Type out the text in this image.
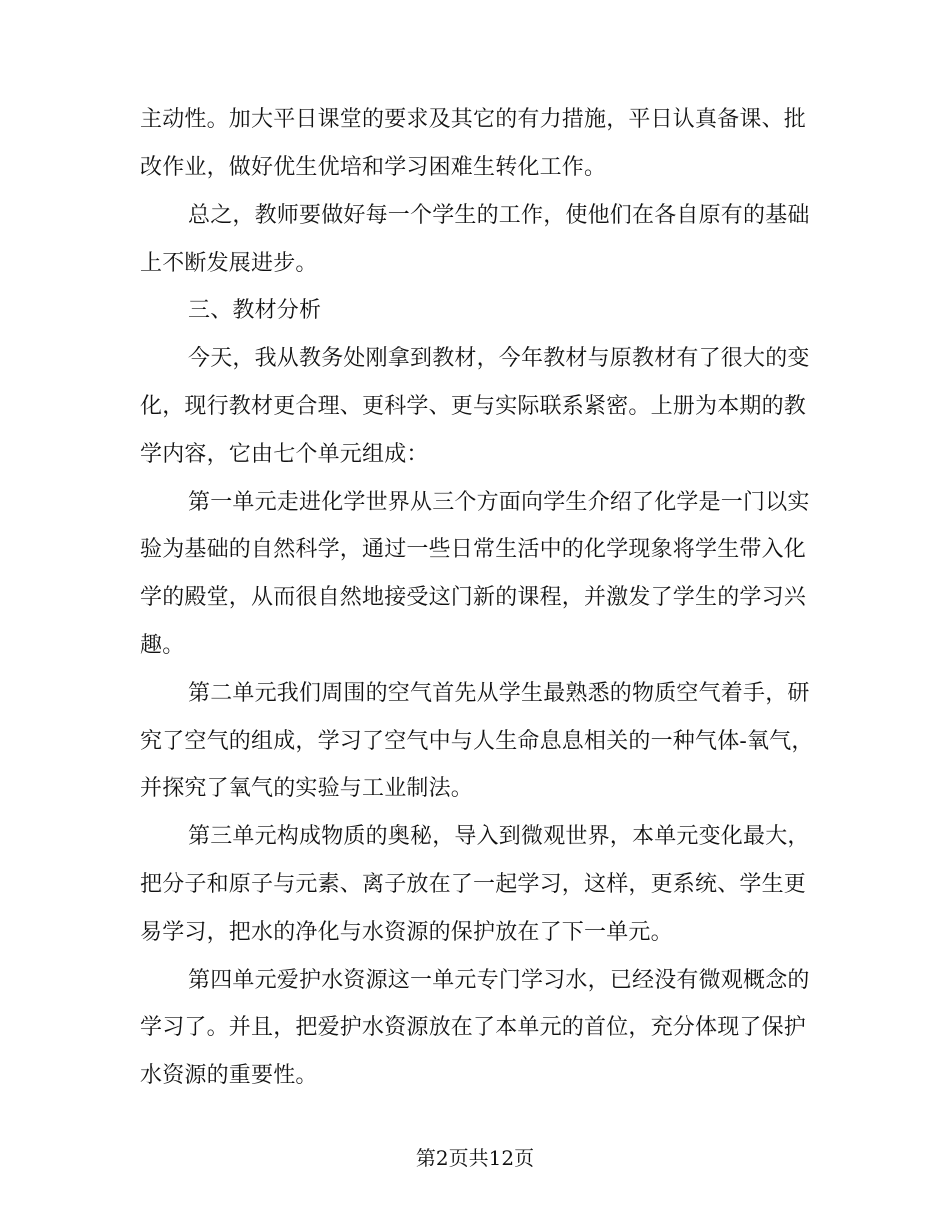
主动性。加大平日课堂的要求及其它的有力措施，平日认真备课、批
改作业，做好优生优培和学习困难生转化工作。
总之，教师要做好每一个学生的工作，使他们在各自原有的基础
上不断发展进步。
三、教材分析
今天，我从教务处刚拿到教材，今年教材与原教材有了很大的变
化，现行教材更合理、更科学、更与实际联系紧密。上册为本期的教
学内容，它由七个单元组成：
第一单元走进化学世界从三个方面向学生介绍了化学是一门以实
验为基础的自然科学，通过一些日常生活中的化学现象将学生带入化
学的殿堂，从而很自然地接受这门新的课程，并激发了学生的学习兴
趣。
第二单元我们周围的空气首先从学生最熟悉的物质空气着手，研
究了空气的组成，学习了空气中与人生命息息相关的一种气体-氧气，
并探究了氧气的实验与工业制法。
第三单元构成物质的奥秘，导入到微观世界，本单元变化最大，
把分子和原子与元素、离子放在了一起学习，这样，更系统、学生更
易学习，把水的净化与水资源的保护放在了下一单元。
第四单元爱护水资源这一单元专门学习水，已经没有微观概念的
学习了。并且，把爱护水资源放在了本单元的首位，充分体现了保护
水资源的重要性。
第2页共12页
